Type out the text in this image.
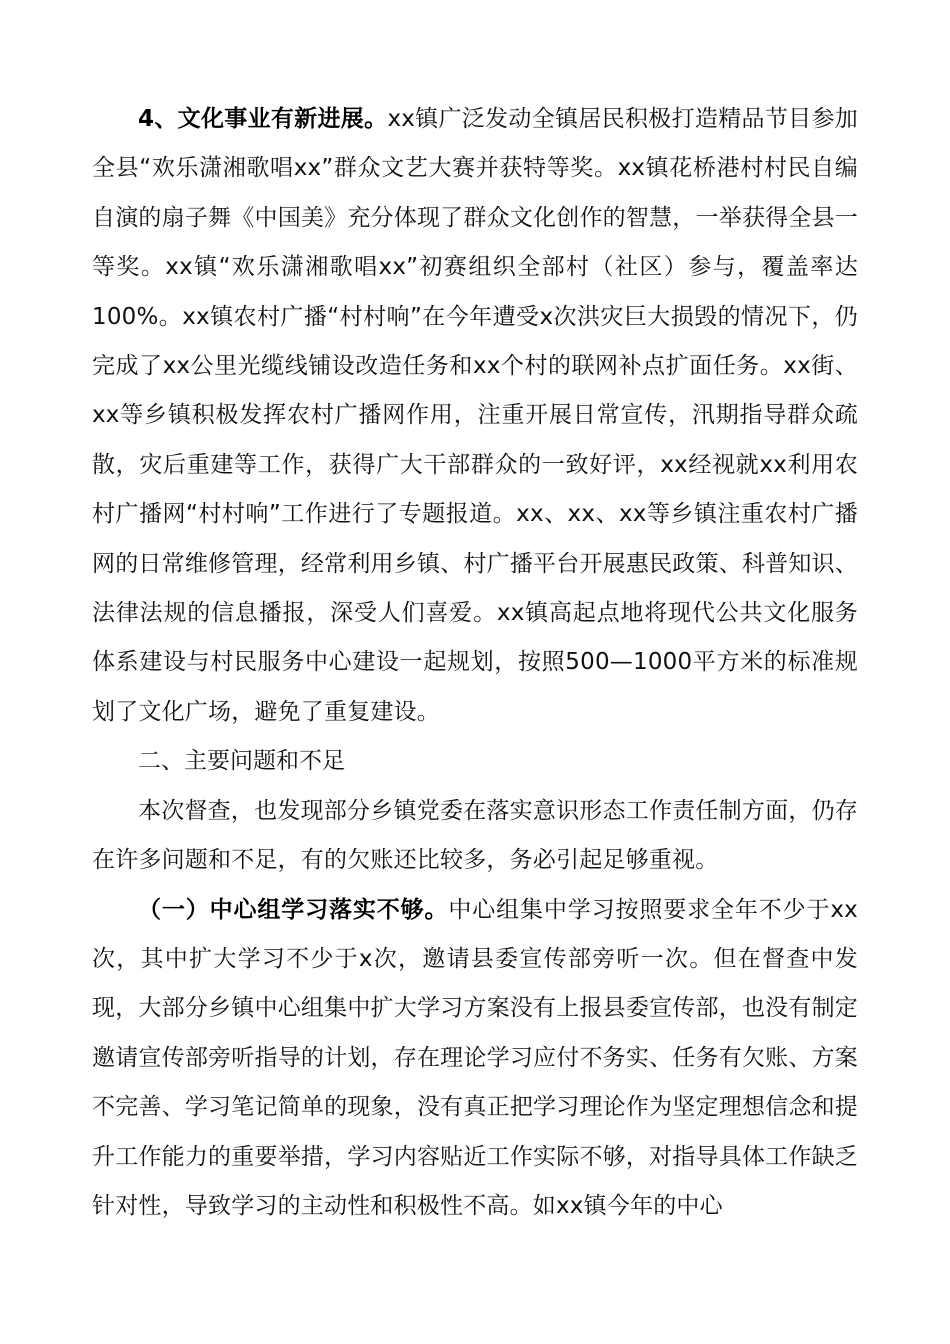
4、文化事业有新进展。xx镇广泛发动全镇居民积极打造精品节目参加全县“欢乐潇湘歌唱xx”群众文艺大赛并获特等奖。xx镇花桥港村村民自编自演的扇子舞《中国美》充分体现了群众文化创作的智慧，一举获得全县一等奖。xx镇“欢乐潇湘歌唱xx”初赛组织全部村（社区）参与，覆盖率达100%。xx镇农村广播“村村响”在今年遭受x次洪灾巨大损毁的情况下，仍完成了xx公里光缆线铺设改造任务和xx个村的联网补点扩面任务。xx街、xx等乡镇积极发挥农村广播网作用，注重开展日常宣传，汛期指导群众疏散，灾后重建等工作，获得广大干部群众的一致好评，xx经视就xx利用农村广播网“村村响”工作进行了专题报道。xx、xx、xx等乡镇注重农村广播网的日常维修管理，经常利用乡镇、村广播平台开展惠民政策、科普知识、法律法规的信息播报，深受人们喜爱。xx镇高起点地将现代公共文化服务体系建设与村民服务中心建设一起规划，按照500—1000平方米的标准规划了文化广场，避免了重复建设。

二、主要问题和不足

本次督查，也发现部分乡镇党委在落实意识形态工作责任制方面，仍存在许多问题和不足，有的欠账还比较多，务必引起足够重视。

（一）中心组学习落实不够。中心组集中学习按照要求全年不少于xx次，其中扩大学习不少于x次，邀请县委宣传部旁听一次。但在督查中发现，大部分乡镇中心组集中扩大学习方案没有上报县委宣传部，也没有制定邀请宣传部旁听指导的计划，存在理论学习应付不务实、任务有欠账、方案不完善、学习笔记简单的现象，没有真正把学习理论作为坚定理想信念和提升工作能力的重要举措，学习内容贴近工作实际不够，对指导具体工作缺乏针对性，导致学习的主动性和积极性不高。如xx镇今年的中心
